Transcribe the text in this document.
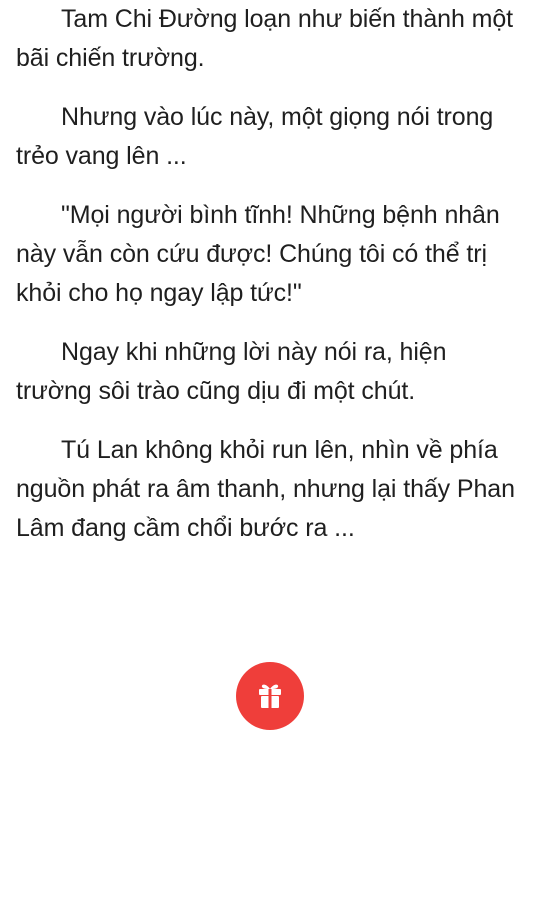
Tam Chi Đường loạn như biến thành một bãi chiến trường.

Nhưng vào lúc này, một giọng nói trong trẻo vang lên ...

"Mọi người bình tĩnh! Những bệnh nhân này vẫn còn cứu được! Chúng tôi có thể trị khỏi cho họ ngay lập tức!"

Ngay khi những lời này nói ra, hiện trường sôi trào cũng dịu đi một chút.

Tú Lan không khỏi run lên, nhìn về phía nguồn phát ra âm thanh, nhưng lại thấy Phan Lâm đang cầm chổi bước ra ...
